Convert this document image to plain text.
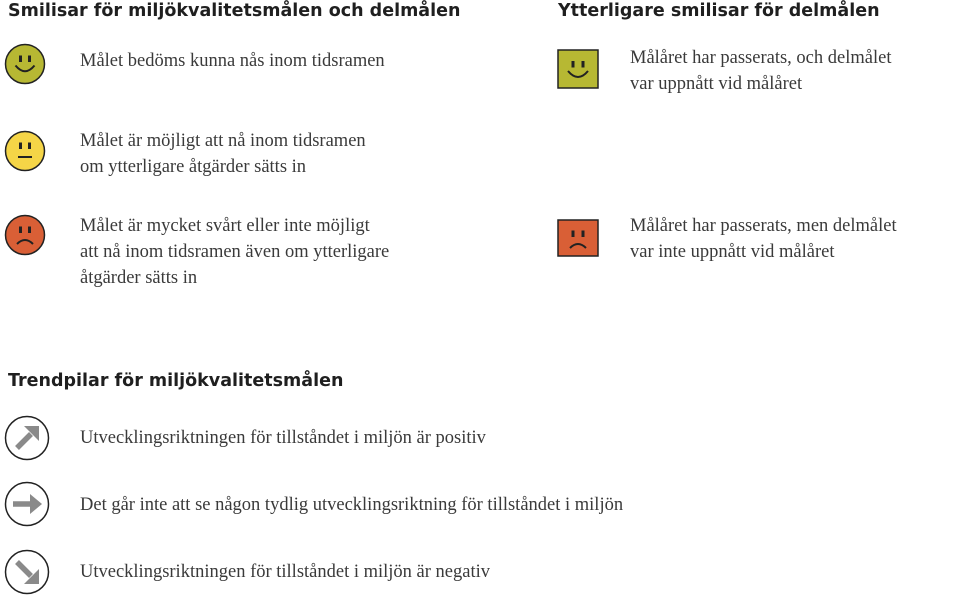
Smilisar för miljökvalitetsmålen och delmålen	Ytterligare smilisar för delmålen
Trendpilar för miljökvalitetsmålen

Målet bedöms kunna nås inom tidsramen

Målet är möjligt att nå inom tidsramen

om ytterligare åtgärder sätts in

Målet är mycket svårt eller inte möjligt

att nå inom tidsramen även om ytterligare

åtgärder sätts in

Målåret har passerats, och delmålet

var uppnått vid målåret

Målåret har passerats, men delmålet

var inte uppnått vid målåret

Utvecklingsriktningen för tillståndet i miljön är positiv

Det går inte att se någon tydlig utvecklingsriktning för tillståndet i miljön

Utvecklingsriktningen för tillståndet i miljön är negativ
